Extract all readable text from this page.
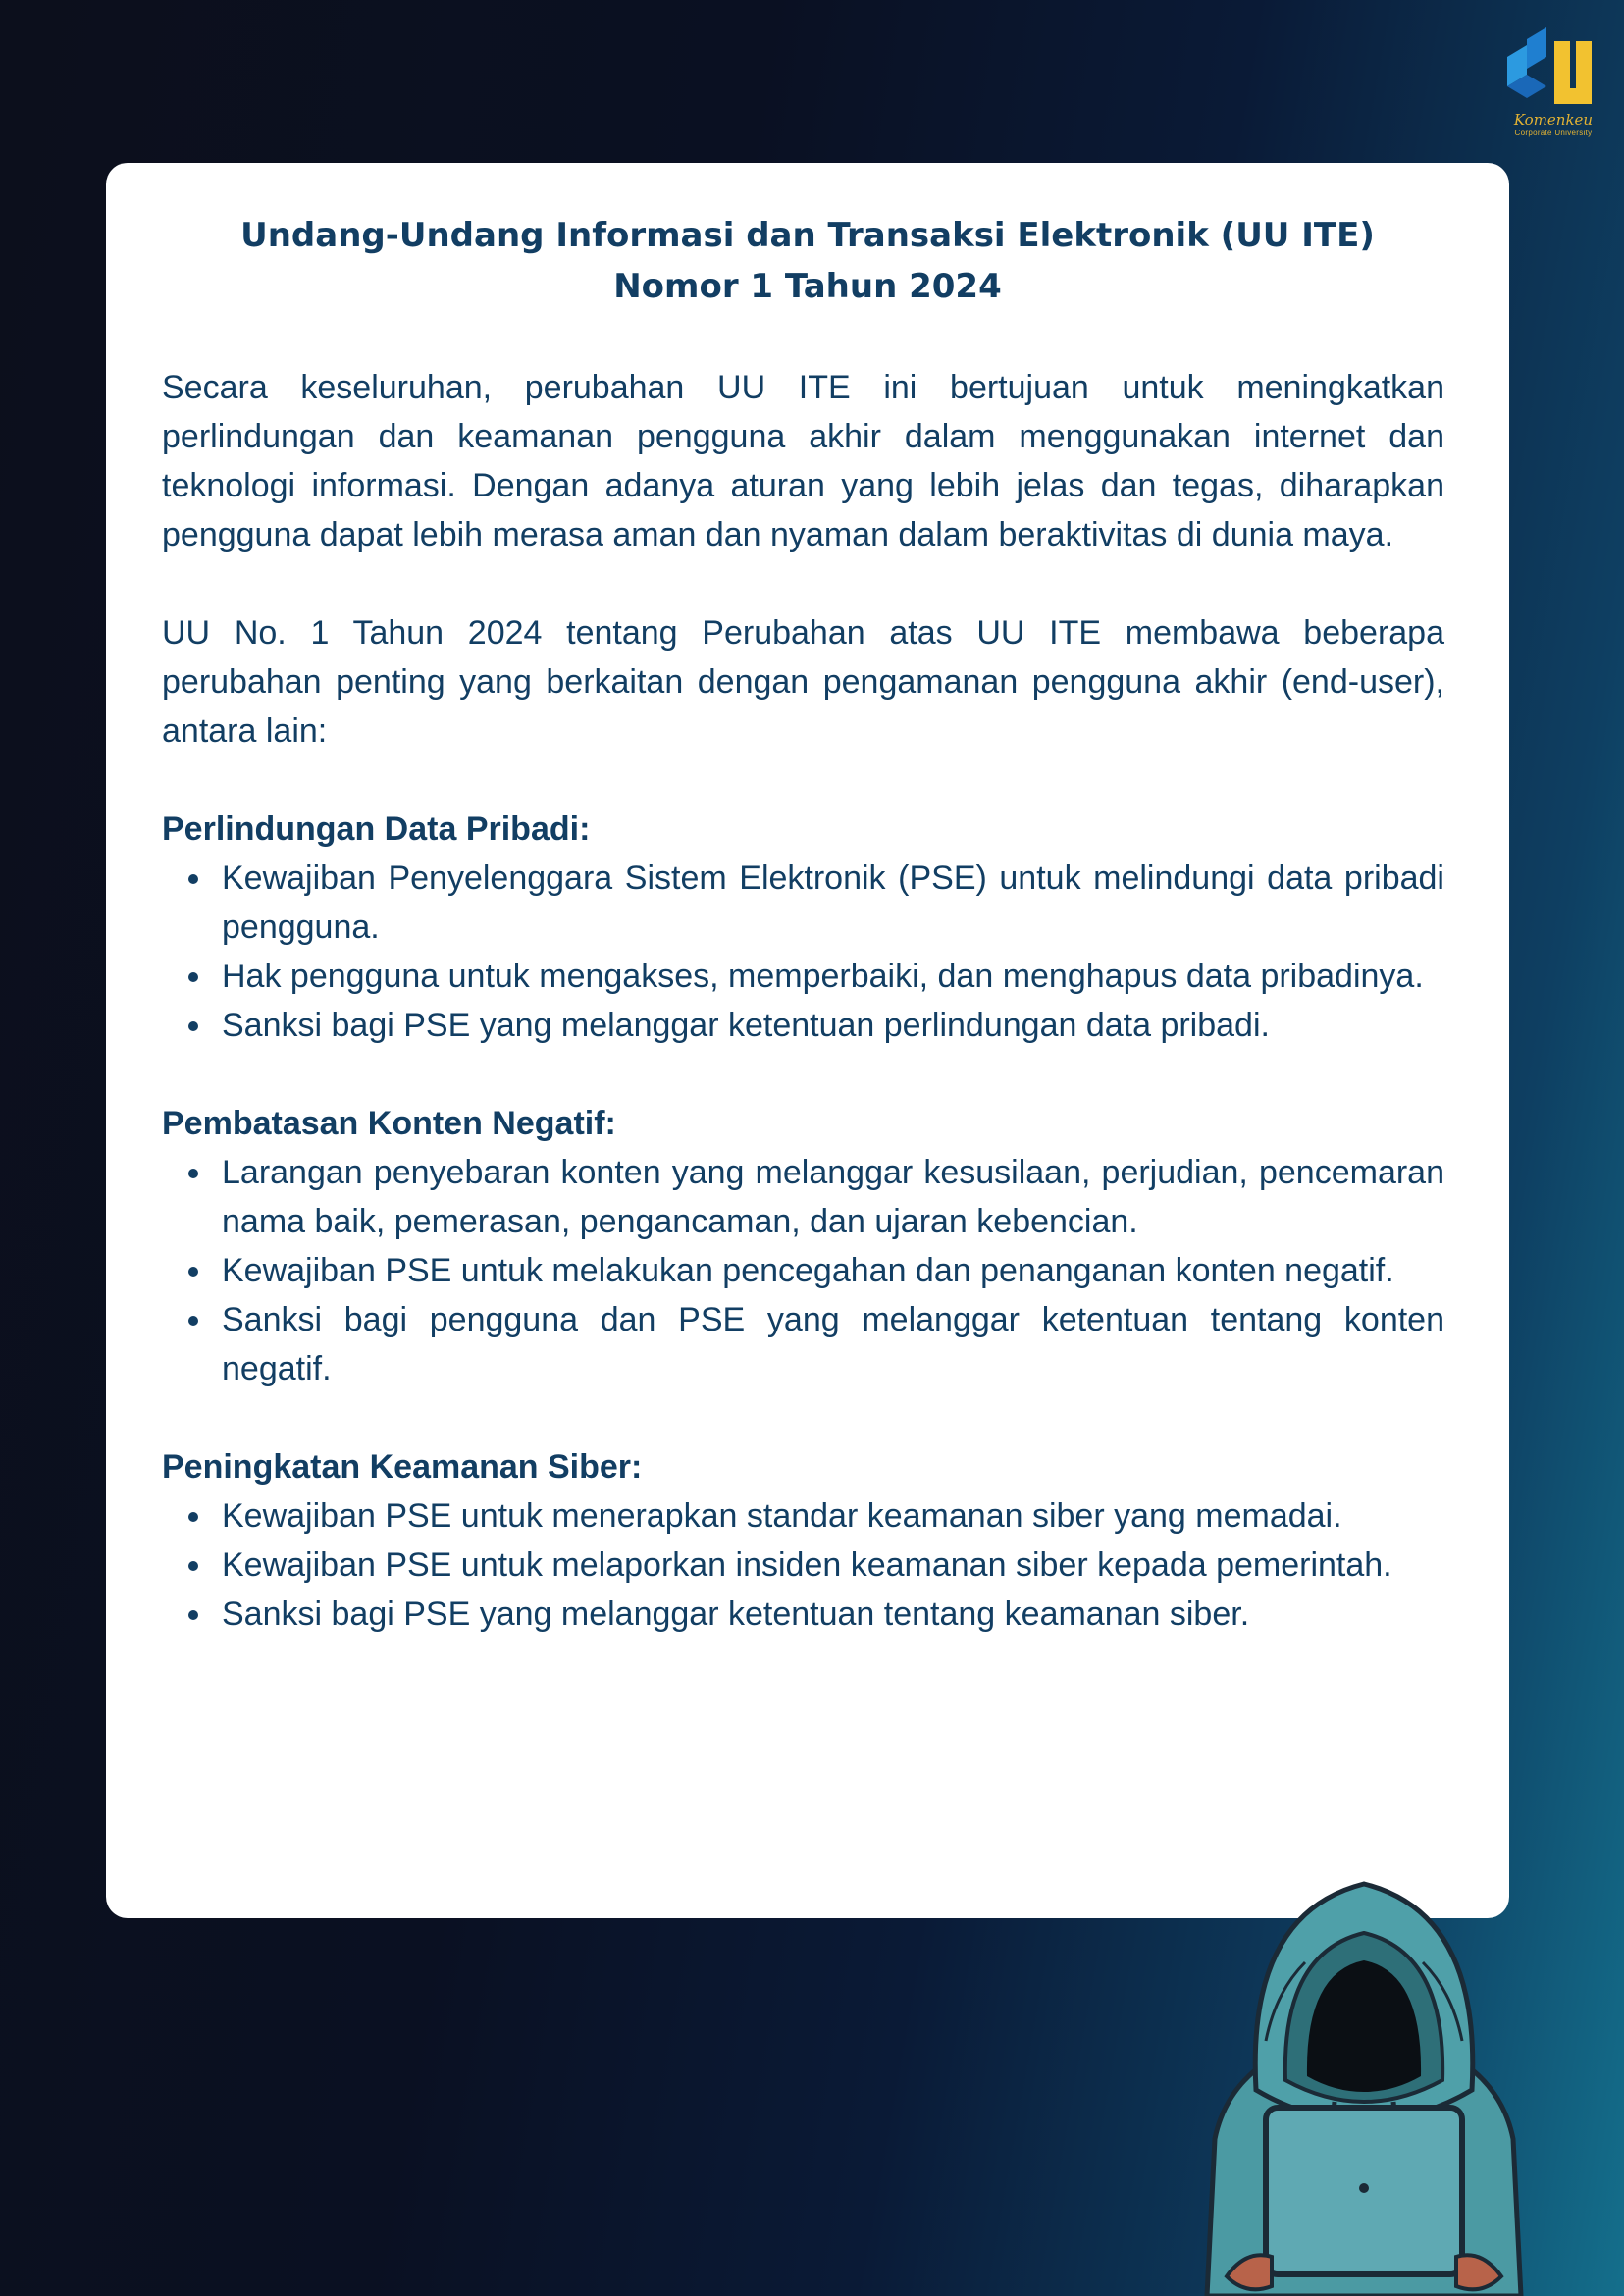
Komenkeu
Corporate University
Undang-Undang Informasi dan Transaksi Elektronik (UU ITE)
Nomor 1 Tahun 2024

Secara keseluruhan, perubahan UU ITE ini bertujuan untuk meningkatkan perlindungan dan keamanan pengguna akhir dalam menggunakan internet dan teknologi informasi. Dengan adanya aturan yang lebih jelas dan tegas, diharapkan pengguna dapat lebih merasa aman dan nyaman dalam beraktivitas di dunia maya.

UU No. 1 Tahun 2024 tentang Perubahan atas UU ITE membawa beberapa perubahan penting yang berkaitan dengan pengamanan pengguna akhir (end-user), antara lain:

Perlindungan Data Pribadi:

Kewajiban Penyelenggara Sistem Elektronik (PSE) untuk melindungi data pribadi pengguna.
Hak pengguna untuk mengakses, memperbaiki, dan menghapus data pribadinya.
Sanksi bagi PSE yang melanggar ketentuan perlindungan data pribadi.

Pembatasan Konten Negatif:

Larangan penyebaran konten yang melanggar kesusilaan, perjudian, pencemaran nama baik, pemerasan, pengancaman, dan ujaran kebencian.
Kewajiban PSE untuk melakukan pencegahan dan penanganan konten negatif.
Sanksi bagi pengguna dan PSE yang melanggar ketentuan tentang konten negatif.

Peningkatan Keamanan Siber:

Kewajiban PSE untuk menerapkan standar keamanan siber yang memadai.
Kewajiban PSE untuk melaporkan insiden keamanan siber kepada pemerintah.
Sanksi bagi PSE yang melanggar ketentuan tentang keamanan siber.
